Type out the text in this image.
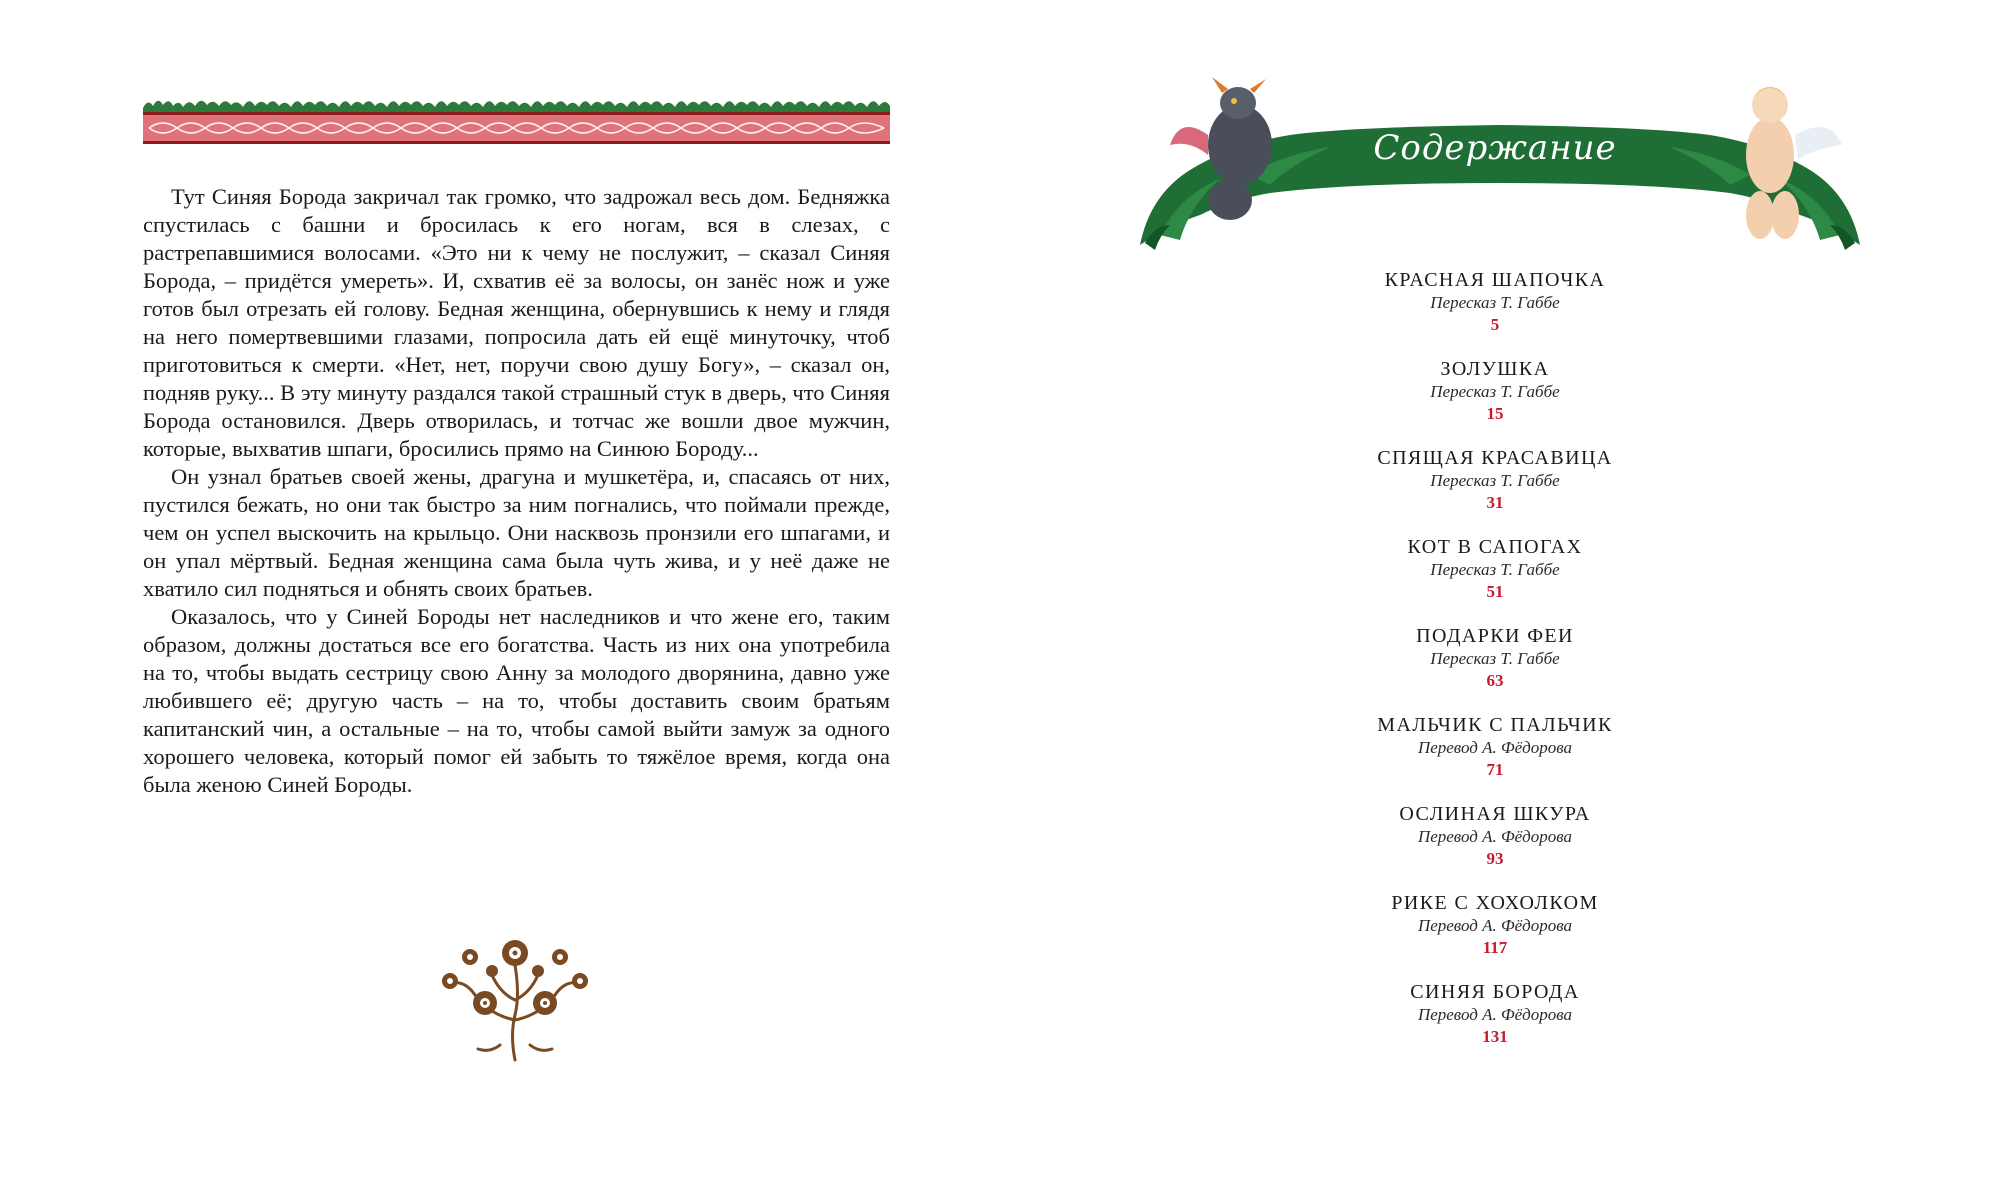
Тут Синяя Борода закричал так громко, что задрожал весь дом. Бедняжка спустилась с башни и бросилась к его ногам, вся в слезах, с растрепавшимися волосами. «Это ни к чему не послужит, – сказал Синяя Борода, – придётся умереть». И, схватив её за волосы, он занёс нож и уже готов был отрезать ей голову. Бедная женщина, обернувшись к нему и глядя на него помертвевшими глазами, попросила дать ей ещё минуточку, чтоб приготовиться к смерти. «Нет, нет, поручи свою душу Богу», – сказал он, подняв руку... В эту минуту раздался такой страшный стук в дверь, что Синяя Борода остановился. Дверь отворилась, и тотчас же вошли двое мужчин, которые, выхватив шпаги, бросились прямо на Синюю Бороду...

Он узнал братьев своей жены, драгуна и мушкетёра, и, спасаясь от них, пустился бежать, но они так быстро за ним погнались, что поймали прежде, чем он успел выскочить на крыльцо. Они насквозь пронзили его шпагами, и он упал мёртвый. Бедная женщина сама была чуть жива, и у неё даже не хватило сил подняться и обнять своих братьев.

Оказалось, что у Синей Бороды нет наследников и что жене его, таким образом, должны достаться все его богатства. Часть из них она употребила на то, чтобы выдать сестрицу свою Анну за молодого дворянина, давно уже любившего её; другую часть – на то, чтобы доставить своим братьям капитанский чин, а остальные – на то, чтобы самой выйти замуж за одного хорошего человека, который помог ей забыть то тяжёлое время, когда она была женою Синей Бороды.

Содержание
КРАСНАЯ ШАПОЧКА
Пересказ Т. Габбе
5
ЗОЛУШКА
Пересказ Т. Габбе
15
СПЯЩАЯ КРАСАВИЦА
Пересказ Т. Габбе
31
КОТ В САПОГАХ
Пересказ Т. Габбе
51
ПОДАРКИ ФЕИ
Пересказ Т. Габбе
63
МАЛЬЧИК С ПАЛЬЧИК
Перевод А. Фёдорова
71
ОСЛИНАЯ ШКУРА
Перевод А. Фёдорова
93
РИКЕ С ХОХОЛКОМ
Перевод А. Фёдорова
117
СИНЯЯ БОРОДА
Перевод А. Фёдорова
131
